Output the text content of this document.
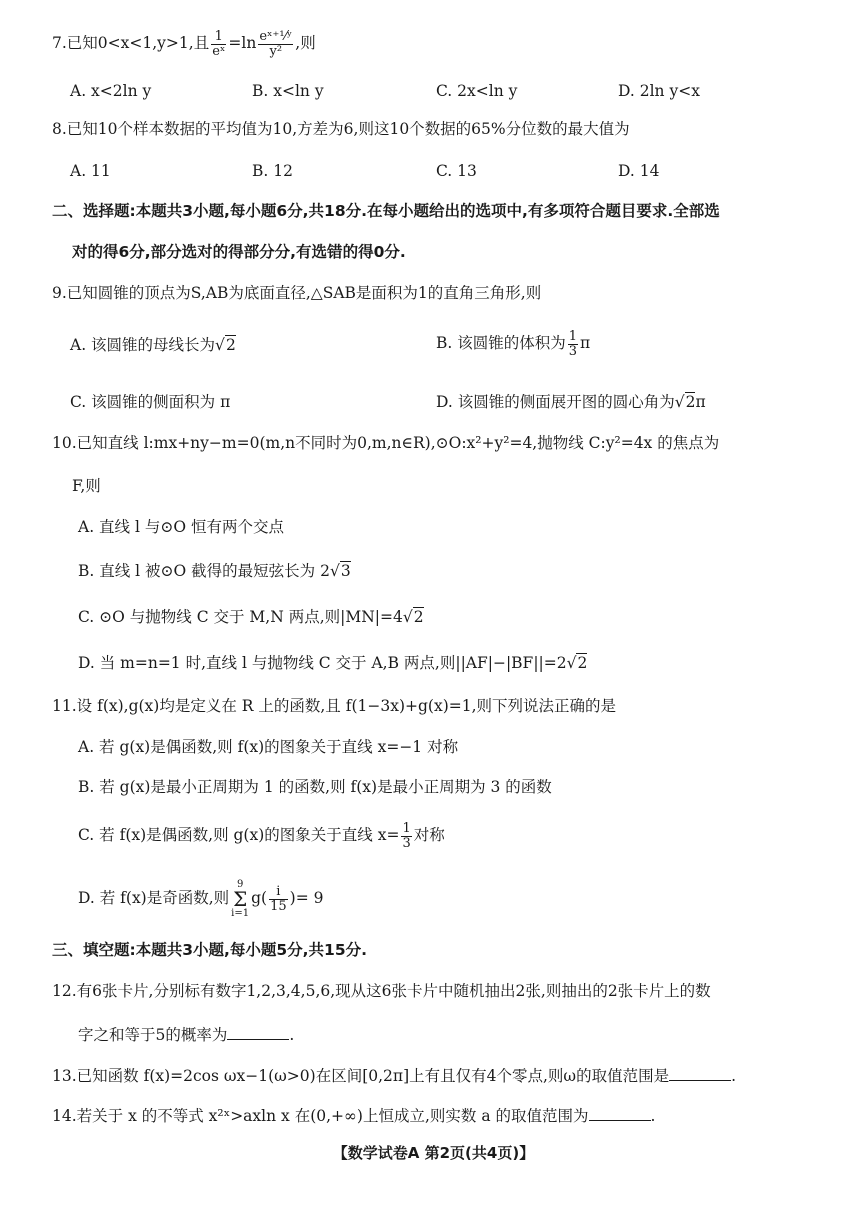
7.已知0<x<1,y>1,且 $\frac{1}{\text{eˣ}} =\ln \frac{\text{eˣ⁺¹⁄ʸ}}{\text{y²}}$ ,则
A. x<2ln y	B. x<ln y	C. 2x<ln y	D. 2ln y<x
8.已知10个样本数据的平均值为10,方差为6,则这10个数据的65%分位数的最大值为
A. 11	B. 12	C. 13	D. 14
二、选择题:本题共3小题,每小题6分,共18分.在每小题给出的选项中,有多项符合题目要求.全部选
对的得6分,部分选对的得部分分,有选错的得0分.
9.已知圆锥的顶点为S,AB为底面直径,△SAB是面积为1的直角三角形,则
A. 该圆锥的母线长为√2	B. 该圆锥的体积为 $\frac{1}{3}$ π
C. 该圆锥的侧面积为 π	D. 该圆锥的侧面展开图的圆心角为√2π
10.已知直线 l:mx+ny−m=0(m,n不同时为0,m,n∈R),⊙O:x²+y²=4,抛物线 C:y²=4x 的焦点为
F,则
A. 直线 l 与⊙O 恒有两个交点
B. 直线 l 被⊙O 截得的最短弦长为 2√3
C. ⊙O 与抛物线 C 交于 M,N 两点,则|MN|=4√2
D. 当 m=n=1 时,直线 l 与抛物线 C 交于 A,B 两点,则||AF|−|BF||=2√2
11.设 f(x),g(x)均是定义在 R 上的函数,且 f(1−3x)+g(x)=1,则下列说法正确的是
A. 若 g(x)是偶函数,则 f(x)的图象关于直线 x=−1 对称
B. 若 g(x)是最小正周期为 1 的函数,则 f(x)是最小正周期为 3 的函数
C. 若 f(x)是偶函数,则 g(x)的图象关于直线 $x= \frac{1}{3}$ 对称
D. 若 f(x)是奇函数,则9
Σ
$i=1g( \frac{i}{15}$ )= 9
三、填空题:本题共3小题,每小题5分,共15分.
12.有6张卡片,分别标有数字1,2,3,4,5,6,现从这6张卡片中随机抽出2张,则抽出的2张卡片上的数
字之和等于5的概率为	.
13.已知函数 f(x)=2cos ωx−1(ω>0)在区间[0,2π]上有且仅有4个零点,则ω的取值范围是	.
14.若关于 x 的不等式 x²ˣ>axln x 在(0,+∞)上恒成立,则实数 a 的取值范围为	.
【数学试卷A 第2页(共4页)】
